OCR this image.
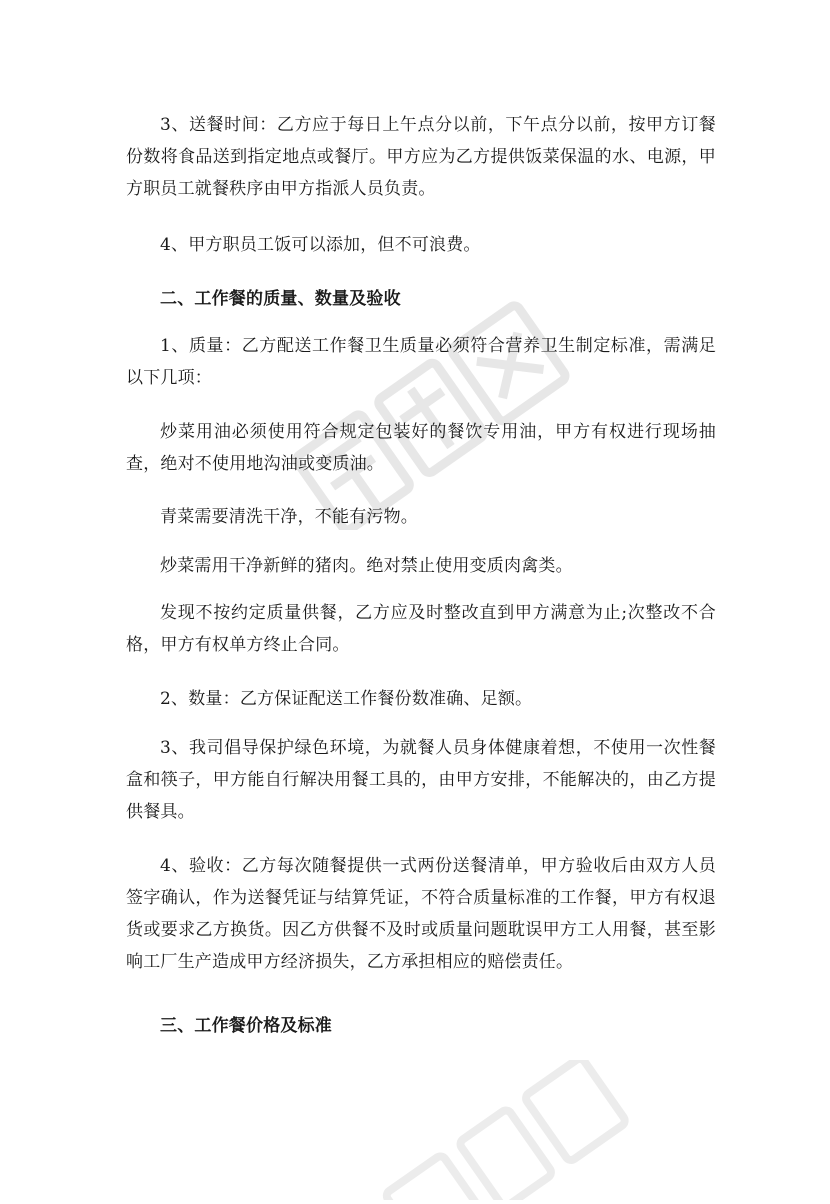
3、送餐时间：乙方应于每日上午点分以前，下午点分以前，按甲方订餐份数将食品送到指定地点或餐厅。甲方应为乙方提供饭菜保温的水、电源，甲方职员工就餐秩序由甲方指派人员负责。

4、甲方职员工饭可以添加，但不可浪费。

二、工作餐的质量、数量及验收

1、质量：乙方配送工作餐卫生质量必须符合营养卫生制定标准，需满足以下几项：

炒菜用油必须使用符合规定包装好的餐饮专用油，甲方有权进行现场抽查，绝对不使用地沟油或变质油。

青菜需要清洗干净，不能有污物。

炒菜需用干净新鲜的猪肉。绝对禁止使用变质肉禽类。

发现不按约定质量供餐，乙方应及时整改直到甲方满意为止;次整改不合格，甲方有权单方终止合同。

2、数量：乙方保证配送工作餐份数准确、足额。

3、我司倡导保护绿色环境，为就餐人员身体健康着想，不使用一次性餐盒和筷子，甲方能自行解决用餐工具的，由甲方安排，不能解决的，由乙方提供餐具。

4、验收：乙方每次随餐提供一式两份送餐清单，甲方验收后由双方人员签字确认，作为送餐凭证与结算凭证，不符合质量标准的工作餐，甲方有权退货或要求乙方换货。因乙方供餐不及时或质量问题耽误甲方工人用餐，甚至影响工厂生产造成甲方经济损失，乙方承担相应的赔偿责任。

三、工作餐价格及标准
